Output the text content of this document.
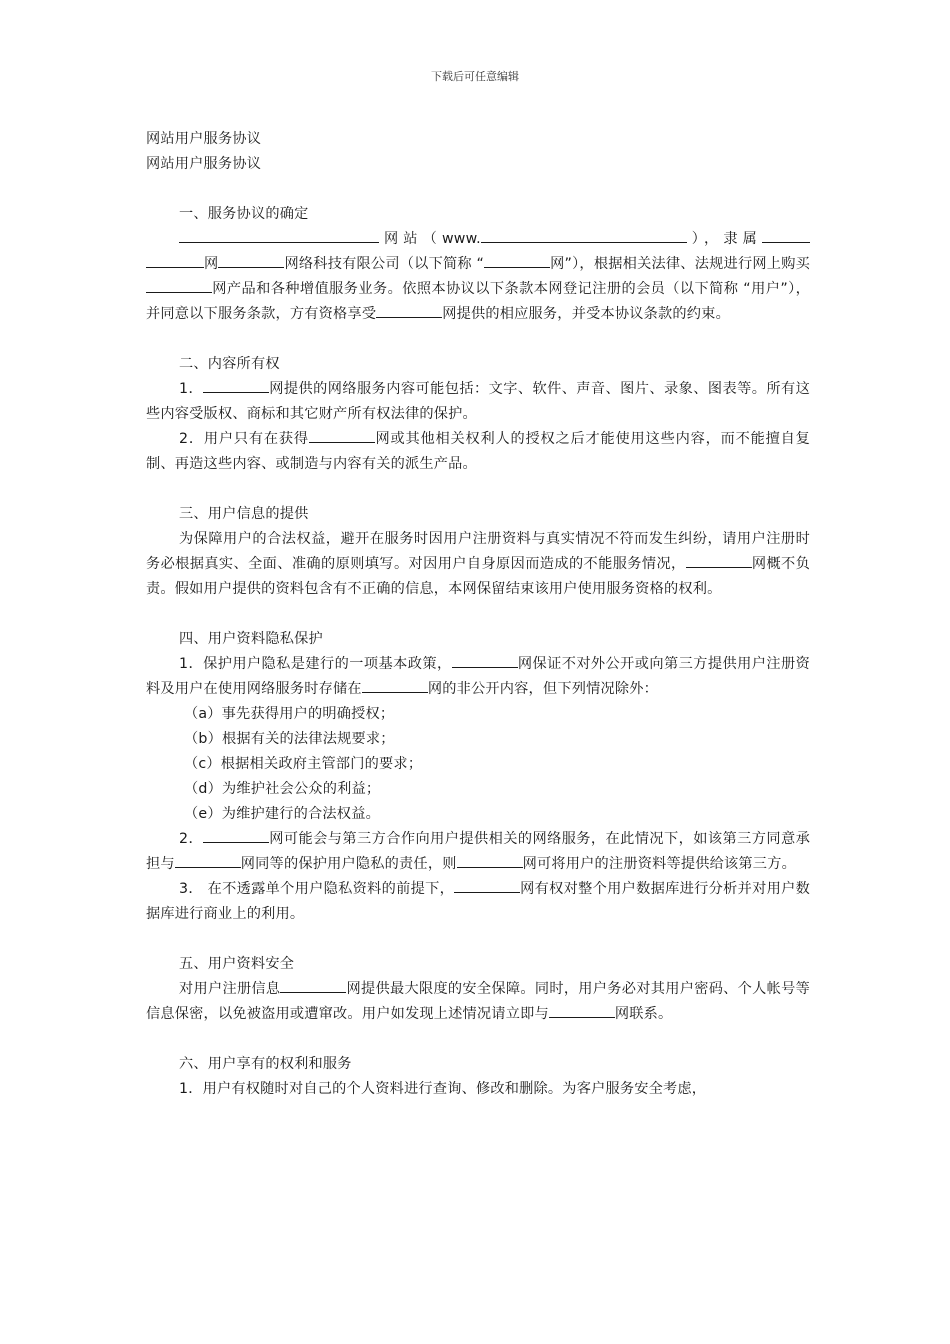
下载后可任意编辑

网站用户服务协议

网站用户服务协议

一、服务协议的确定

网站（www.	），隶属网	网络科技有限公司（以下简称 “	网”），根据相关法律、法规进行网上购买网产品和各种增值服务业务。依照本协议以下条款本网登记注册的会员（以下简称 “用户”），并同意以下服务条款，方有资格享受	网提供的相应服务，并受本协议条款的约束。

二、内容所有权

1．	网提供的网络服务内容可能包括：文字、软件、声音、图片、录象、图表等。所有这些内容受版权、商标和其它财产所有权法律的保护。

2．用户只有在获得	网或其他相关权利人的授权之后才能使用这些内容，而不能擅自复制、再造这些内容、或制造与内容有关的派生产品。

三、用户信息的提供

为保障用户的合法权益，避开在服务时因用户注册资料与真实情况不符而发生纠纷，请用户注册时务必根据真实、全面、准确的原则填写。对因用户自身原因而造成的不能服务情况，	网概不负责。假如用户提供的资料包含有不正确的信息，本网保留结束该用户使用服务资格的权利。

四、用户资料隐私保护

1．保护用户隐私是建行的一项基本政策，	网保证不对外公开或向第三方提供用户注册资料及用户在使用网络服务时存储在	网的非公开内容，但下列情况除外：

（a）事先获得用户的明确授权；

（b）根据有关的法律法规要求；

（c）根据相关政府主管部门的要求；

（d）为维护社会公众的利益；

（e）为维护建行的合法权益。

2．	网可能会与第三方合作向用户提供相关的网络服务，在此情况下，如该第三方同意承担与	网同等的保护用户隐私的责任，则	网可将用户的注册资料等提供给该第三方。

3． 在不透露单个用户隐私资料的前提下，	网有权对整个用户数据库进行分析并对用户数据库进行商业上的利用。

五、用户资料安全

对用户注册信息	网提供最大限度的安全保障。同时，用户务必对其用户密码、个人帐号等信息保密，以免被盗用或遭窜改。用户如发现上述情况请立即与	网联系。

六、用户享有的权利和服务

1．用户有权随时对自己的个人资料进行查询、修改和删除。为客户服务安全考虑，
